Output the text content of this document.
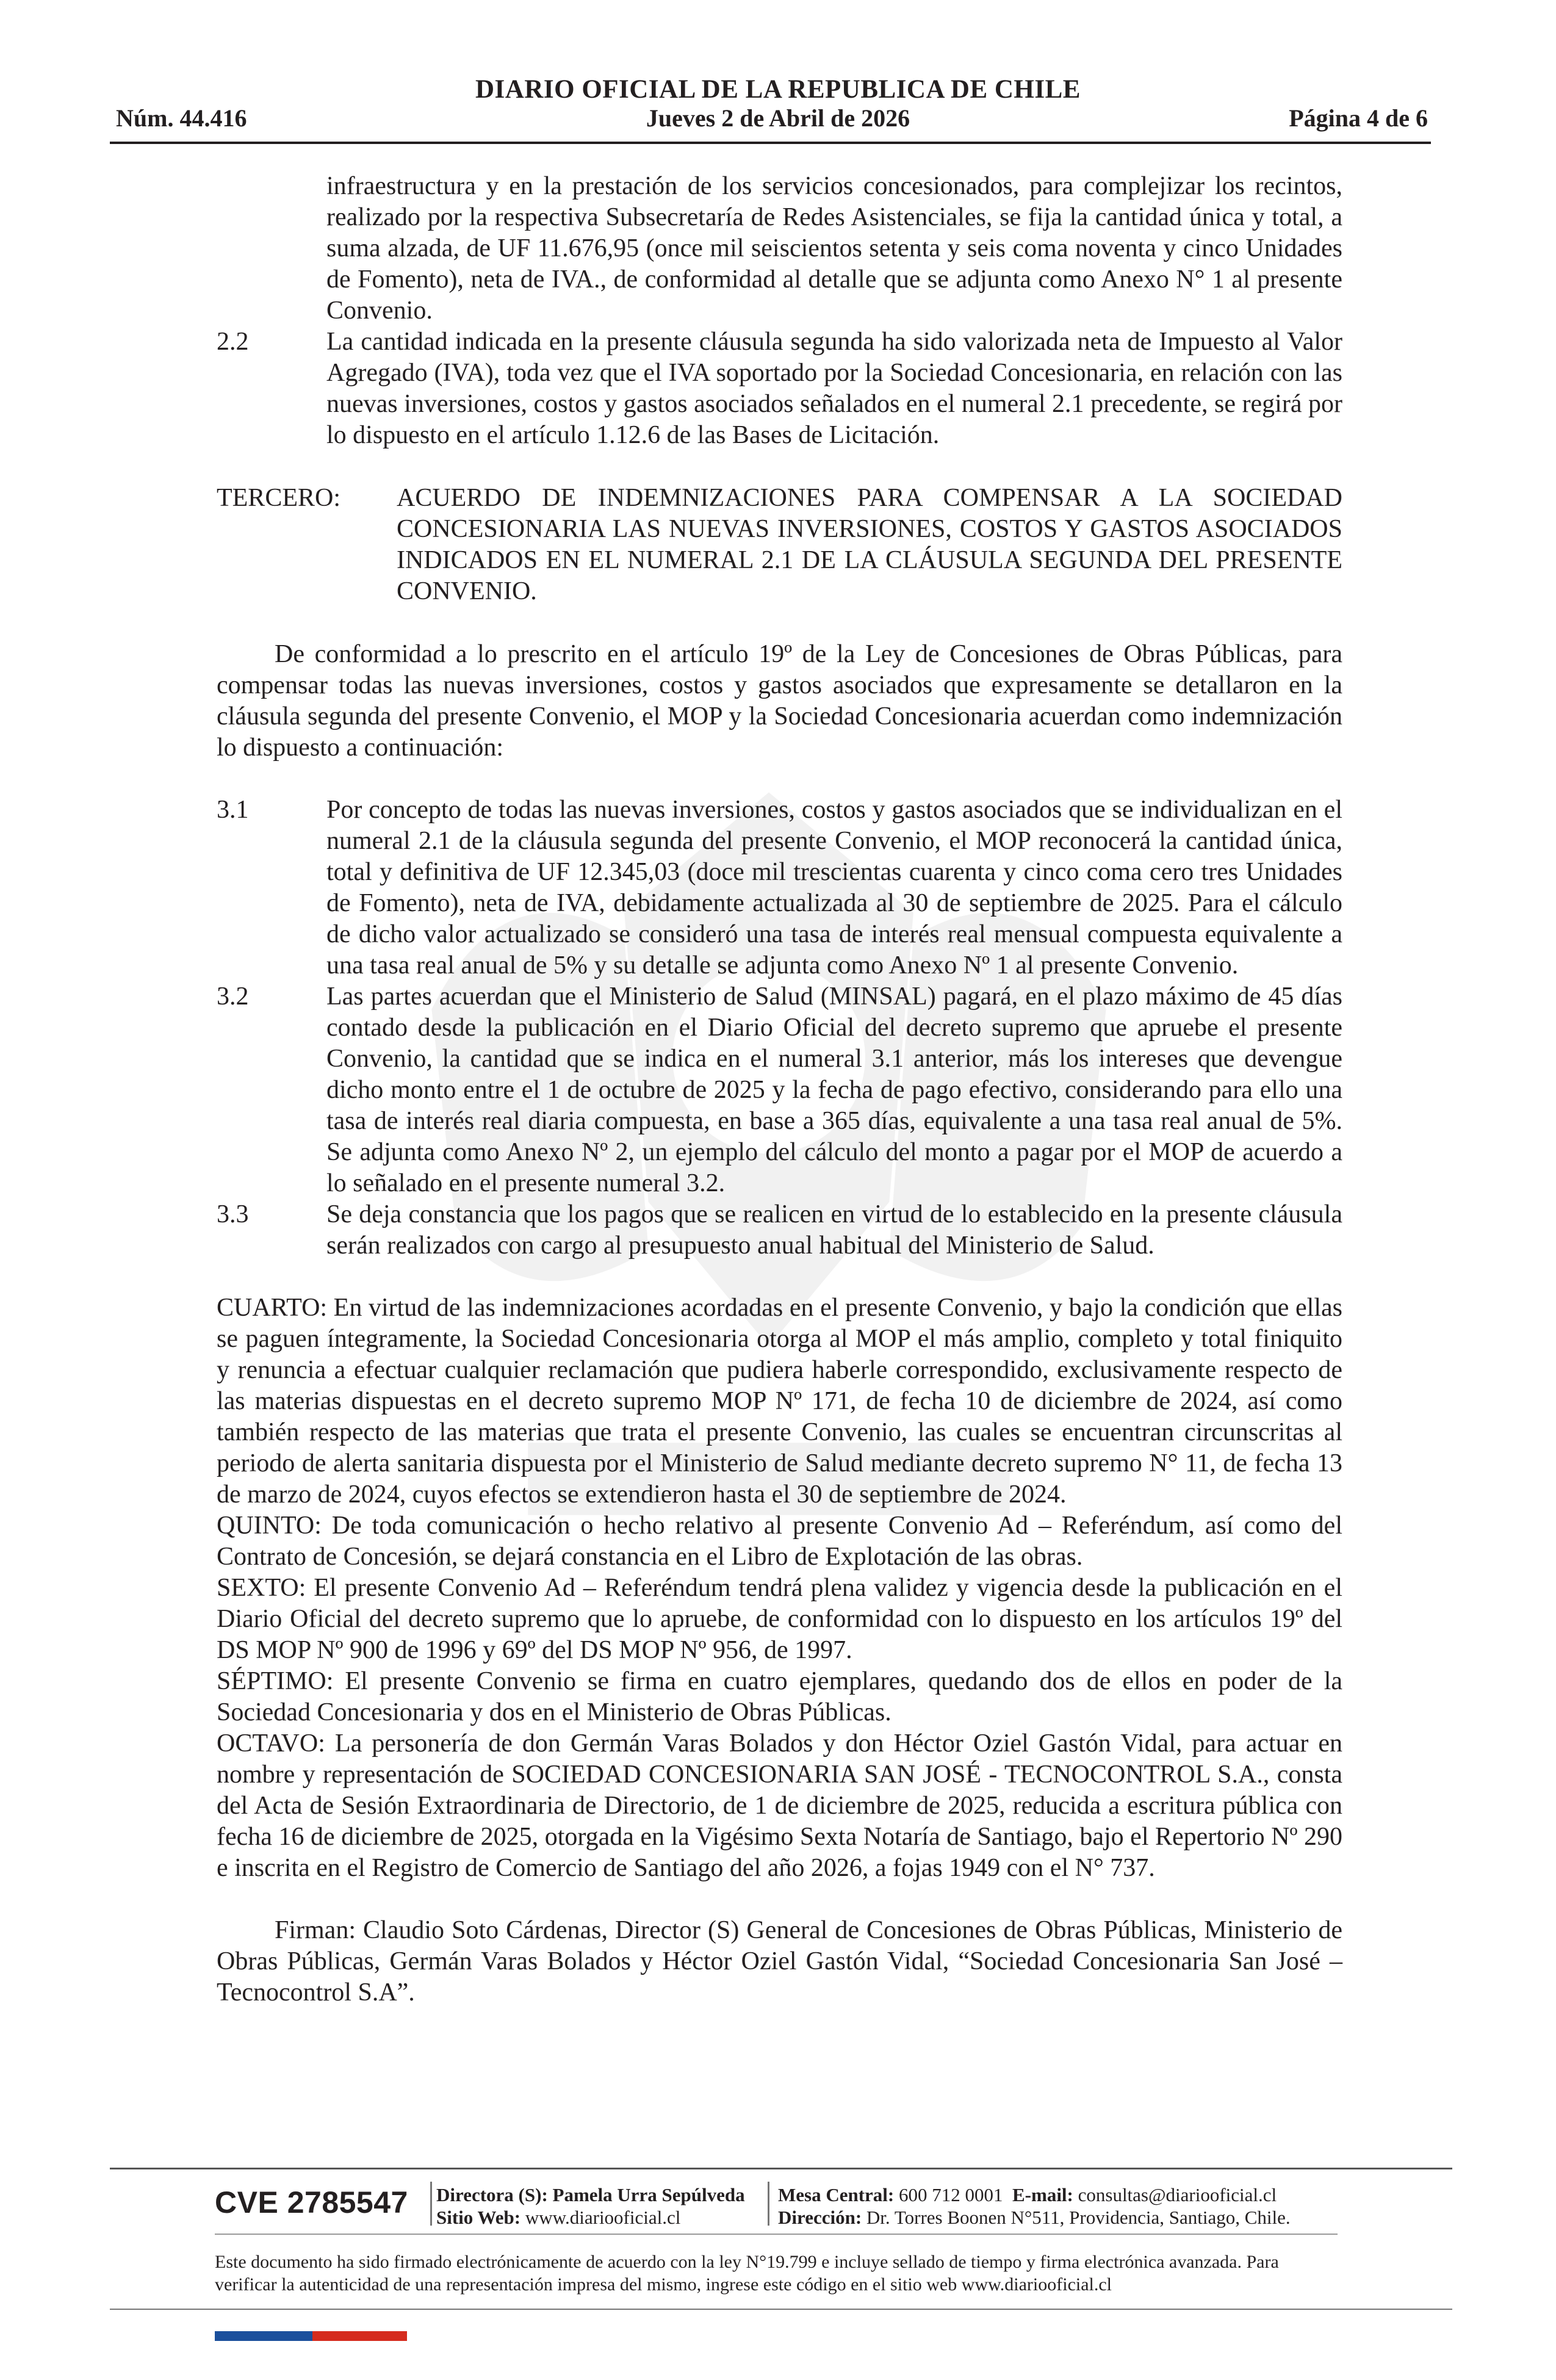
DIARIO OFICIAL DE LA REPUBLICA DE CHILE
Núm. 44.416	Jueves 2 de Abril de 2026	Página 4 de 6
infraestructura y en la prestación de los servicios concesionados, para complejizar los recintos, realizado por la respectiva Subsecretaría de Redes Asistenciales, se fija la cantidad única y total, a suma alzada, de UF 11.676,95 (once mil seiscientos setenta y seis coma noventa y cinco Unidades de Fomento), neta de IVA., de conformidad al detalle que se adjunta como Anexo N° 1 al presente Convenio.
2.2	La cantidad indicada en la presente cláusula segunda ha sido valorizada neta de Impuesto al Valor Agregado (IVA), toda vez que el IVA soportado por la Sociedad Concesionaria, en relación con las nuevas inversiones, costos y gastos asociados señalados en el numeral 2.1 precedente, se regirá por lo dispuesto en el artículo 1.12.6 de las Bases de Licitación.
TERCERO:	ACUERDO DE INDEMNIZACIONES PARA COMPENSAR A LA SOCIEDAD CONCESIONARIA LAS NUEVAS INVERSIONES, COSTOS Y GASTOS ASOCIADOS INDICADOS EN EL NUMERAL 2.1 DE LA CLÁUSULA SEGUNDA DEL PRESENTE CONVENIO.
De conformidad a lo prescrito en el artículo 19º de la Ley de Concesiones de Obras Públicas, para compensar todas las nuevas inversiones, costos y gastos asociados que expresamente se detallaron en la cláusula segunda del presente Convenio, el MOP y la Sociedad Concesionaria acuerdan como indemnización lo dispuesto a continuación:
3.1	Por concepto de todas las nuevas inversiones, costos y gastos asociados que se individualizan en el numeral 2.1 de la cláusula segunda del presente Convenio, el MOP reconocerá la cantidad única, total y definitiva de UF 12.345,03 (doce mil trescientas cuarenta y cinco coma cero tres Unidades de Fomento), neta de IVA, debidamente actualizada al 30 de septiembre de 2025. Para el cálculo de dicho valor actualizado se consideró una tasa de interés real mensual compuesta equivalente a una tasa real anual de 5% y su detalle se adjunta como Anexo Nº 1 al presente Convenio.
3.2	Las partes acuerdan que el Ministerio de Salud (MINSAL) pagará, en el plazo máximo de 45 días contado desde la publicación en el Diario Oficial del decreto supremo que apruebe el presente Convenio, la cantidad que se indica en el numeral 3.1 anterior, más los intereses que devengue dicho monto entre el 1 de octubre de 2025 y la fecha de pago efectivo, considerando para ello una tasa de interés real diaria compuesta, en base a 365 días, equivalente a una tasa real anual de 5%. Se adjunta como Anexo Nº 2, un ejemplo del cálculo del monto a pagar por el MOP de acuerdo a lo señalado en el presente numeral 3.2.
3.3	Se deja constancia que los pagos que se realicen en virtud de lo establecido en la presente cláusula serán realizados con cargo al presupuesto anual habitual del Ministerio de Salud.
CUARTO: En virtud de las indemnizaciones acordadas en el presente Convenio, y bajo la condición que ellas se paguen íntegramente, la Sociedad Concesionaria otorga al MOP el más amplio, completo y total finiquito y renuncia a efectuar cualquier reclamación que pudiera haberle correspondido, exclusivamente respecto de las materias dispuestas en el decreto supremo MOP Nº 171, de fecha 10 de diciembre de 2024, así como también respecto de las materias que trata el presente Convenio, las cuales se encuentran circunscritas al periodo de alerta sanitaria dispuesta por el Ministerio de Salud mediante decreto supremo N° 11, de fecha 13 de marzo de 2024, cuyos efectos se extendieron hasta el 30 de septiembre de 2024.
QUINTO: De toda comunicación o hecho relativo al presente Convenio Ad – Referéndum, así como del Contrato de Concesión, se dejará constancia en el Libro de Explotación de las obras.
SEXTO: El presente Convenio Ad – Referéndum tendrá plena validez y vigencia desde la publicación en el Diario Oficial del decreto supremo que lo apruebe, de conformidad con lo dispuesto en los artículos 19º del DS MOP Nº 900 de 1996 y 69º del DS MOP Nº 956, de 1997.
SÉPTIMO: El presente Convenio se firma en cuatro ejemplares, quedando dos de ellos en poder de la Sociedad Concesionaria y dos en el Ministerio de Obras Públicas.
OCTAVO: La personería de don Germán Varas Bolados y don Héctor Oziel Gastón Vidal, para actuar en nombre y representación de SOCIEDAD CONCESIONARIA SAN JOSÉ - TECNOCONTROL S.A., consta del Acta de Sesión Extraordinaria de Directorio, de 1 de diciembre de 2025, reducida a escritura pública con fecha 16 de diciembre de 2025, otorgada en la Vigésimo Sexta Notaría de Santiago, bajo el Repertorio Nº 290 e inscrita en el Registro de Comercio de Santiago del año 2026, a fojas 1949 con el N° 737.
Firman: Claudio Soto Cárdenas, Director (S) General de Concesiones de Obras Públicas, Ministerio de Obras Públicas, Germán Varas Bolados y Héctor Oziel Gastón Vidal, “Sociedad Concesionaria San José – Tecnocontrol S.A”.
CVE 2785547 Directora (S): Pamela Urra Sepúlveda
Sitio Web: www.diariooficial.cl
Mesa Central: 600 712 0001 E-mail: consultas@diariooficial.cl
Dirección: Dr. Torres Boonen N°511, Providencia, Santiago, Chile.
Este documento ha sido firmado electrónicamente de acuerdo con la ley N°19.799 e incluye sellado de tiempo y firma electrónica avanzada. Para verificar la autenticidad de una representación impresa del mismo, ingrese este código en el sitio web www.diariooficial.cl
